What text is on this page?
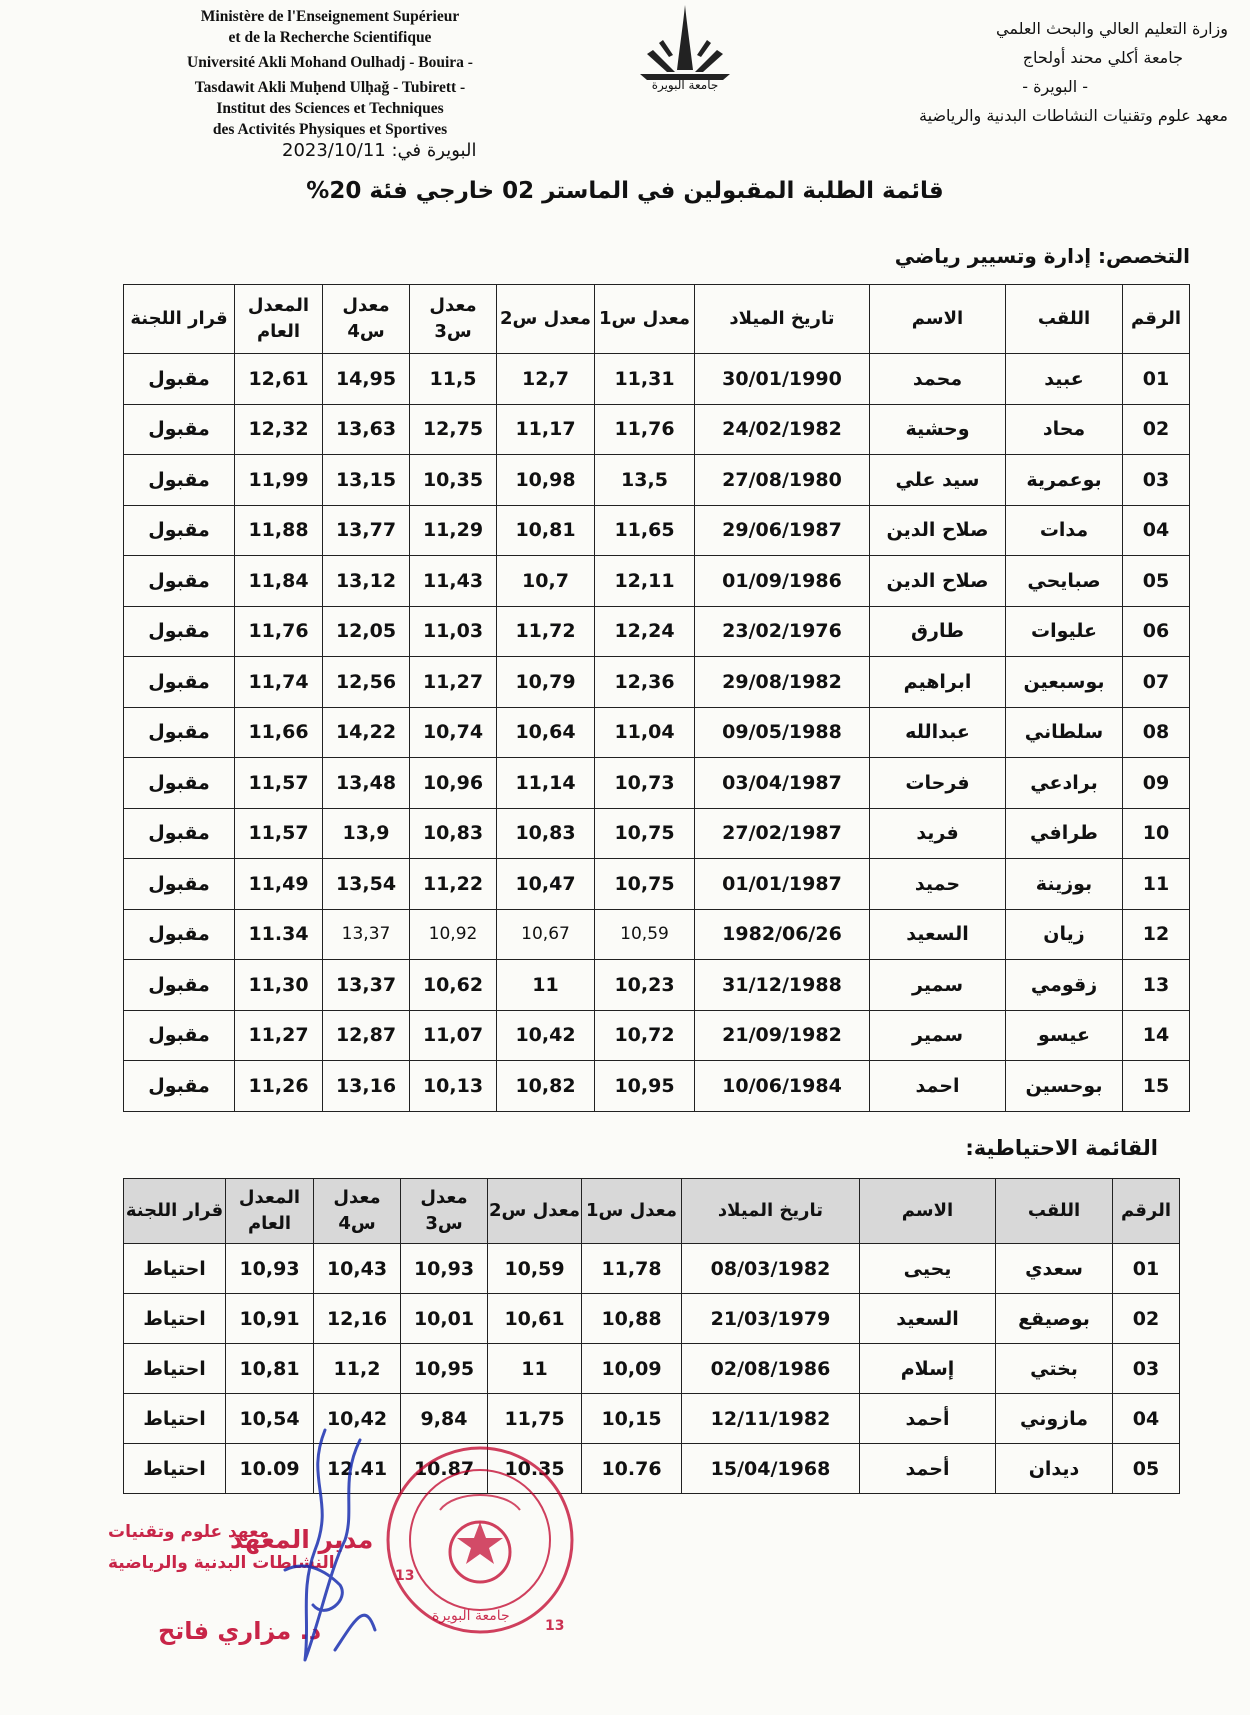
Ministère de l'Enseignement Supérieur
et de la Recherche Scientifique
Université Akli Mohand Oulhadj - Bouira -
Tasdawit Akli Muḥend Ulḥağ - Tubirett -
Institut des Sciences et Techniques
des Activités Physiques et Sportives
جامعة البويرة
وزارة التعليم العالي والبحث العلمي
جامعة أكلي محند أولحاج
- البويرة -
معهد علوم وتقنيات النشاطات البدنية والرياضية
البويرة في: 2023/10/11
قائمة الطلبة المقبولين في الماستر 02 خارجي فئة 20%
التخصص: إدارة وتسيير رياضي
الرقم	اللقب	الاسم	تاريخ الميلاد	معدل س1	معدل س2	معدل س3	معدل س4	المعدل العام	قرار اللجنة
01	عبيد	محمد	30/01/1990	11,31	12,7	11,5	14,95	12,61	مقبول
02	محاد	وحشية	24/02/1982	11,76	11,17	12,75	13,63	12,32	مقبول
03	بوعمرية	سيد علي	27/08/1980	13,5	10,98	10,35	13,15	11,99	مقبول
04	مدات	صلاح الدين	29/06/1987	11,65	10,81	11,29	13,77	11,88	مقبول
05	صبايحي	صلاح الدين	01/09/1986	12,11	10,7	11,43	13,12	11,84	مقبول
06	عليوات	طارق	23/02/1976	12,24	11,72	11,03	12,05	11,76	مقبول
07	بوسبعين	ابراهيم	29/08/1982	12,36	10,79	11,27	12,56	11,74	مقبول
08	سلطاني	عبدالله	09/05/1988	11,04	10,64	10,74	14,22	11,66	مقبول
09	برادعي	فرحات	03/04/1987	10,73	11,14	10,96	13,48	11,57	مقبول
10	طرافي	فريد	27/02/1987	10,75	10,83	10,83	13,9	11,57	مقبول
11	بوزينة	حميد	01/01/1987	10,75	10,47	11,22	13,54	11,49	مقبول
12	زيان	السعيد	1982/06/26	10,59	10,67	10,92	13,37	11.34	مقبول
13	زقومي	سمير	31/12/1988	10,23	11	10,62	13,37	11,30	مقبول
14	عيسو	سمير	21/09/1982	10,72	10,42	11,07	12,87	11,27	مقبول
15	بوحسين	احمد	10/06/1984	10,95	10,82	10,13	13,16	11,26	مقبول
القائمة الاحتياطية:
الرقم	اللقب	الاسم	تاريخ الميلاد	معدل س1	معدل س2	معدل س3	معدل س4	المعدل العام	قرار اللجنة
01	سعدي	يحيى	08/03/1982	11,78	10,59	10,93	10,43	10,93	احتياط
02	بوصيقع	السعيد	21/03/1979	10,88	10,61	10,01	12,16	10,91	احتياط
03	بختي	إسلام	02/08/1986	10,09	11	10,95	11,2	10,81	احتياط
04	مازوني	أحمد	12/11/1982	10,15	11,75	9,84	10,42	10,54	احتياط
05	ديدان	أحمد	15/04/1968	10.76	10.35	10.87	12.41	10.09	احتياط
جامعة البويرة
13
13
معهد علوم وتقنيات
النشاطات البدنية والرياضية
مدير المعهد
د. مزاري فاتح
